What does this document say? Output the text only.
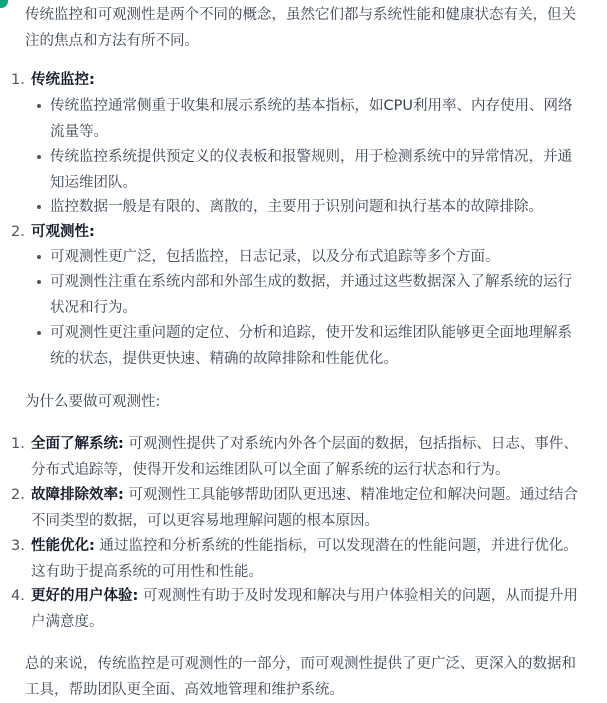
传统监控和可观测性是两个不同的概念，虽然它们都与系统性能和健康状态有关，但关注的焦点和方法有所不同。

1. 传统监控:
传统监控通常侧重于收集和展示系统的基本指标，如CPU利用率、内存使用、网络流量等。
传统监控系统提供预定义的仪表板和报警规则，用于检测系统中的异常情况，并通知运维团队。
监控数据一般是有限的、离散的，主要用于识别问题和执行基本的故障排除。
2. 可观测性:
可观测性更广泛，包括监控，日志记录，以及分布式追踪等多个方面。
可观测性注重在系统内部和外部生成的数据，并通过这些数据深入了解系统的运行状况和行为。
可观测性更注重问题的定位、分析和追踪，使开发和运维团队能够更全面地理解系统的状态，提供更快速、精确的故障排除和性能优化。

为什么要做可观测性:

1. 全面了解系统: 可观测性提供了对系统内外各个层面的数据，包括指标、日志、事件、分布式追踪等，使得开发和运维团队可以全面了解系统的运行状态和行为。
2. 故障排除效率: 可观测性工具能够帮助团队更迅速、精准地定位和解决问题。通过结合不同类型的数据，可以更容易地理解问题的根本原因。
3. 性能优化: 通过监控和分析系统的性能指标，可以发现潜在的性能问题，并进行优化。这有助于提高系统的可用性和性能。
4. 更好的用户体验: 可观测性有助于及时发现和解决与用户体验相关的问题，从而提升用户满意度。

总的来说，传统监控是可观测性的一部分，而可观测性提供了更广泛、更深入的数据和工具，帮助团队更全面、高效地管理和维护系统。
